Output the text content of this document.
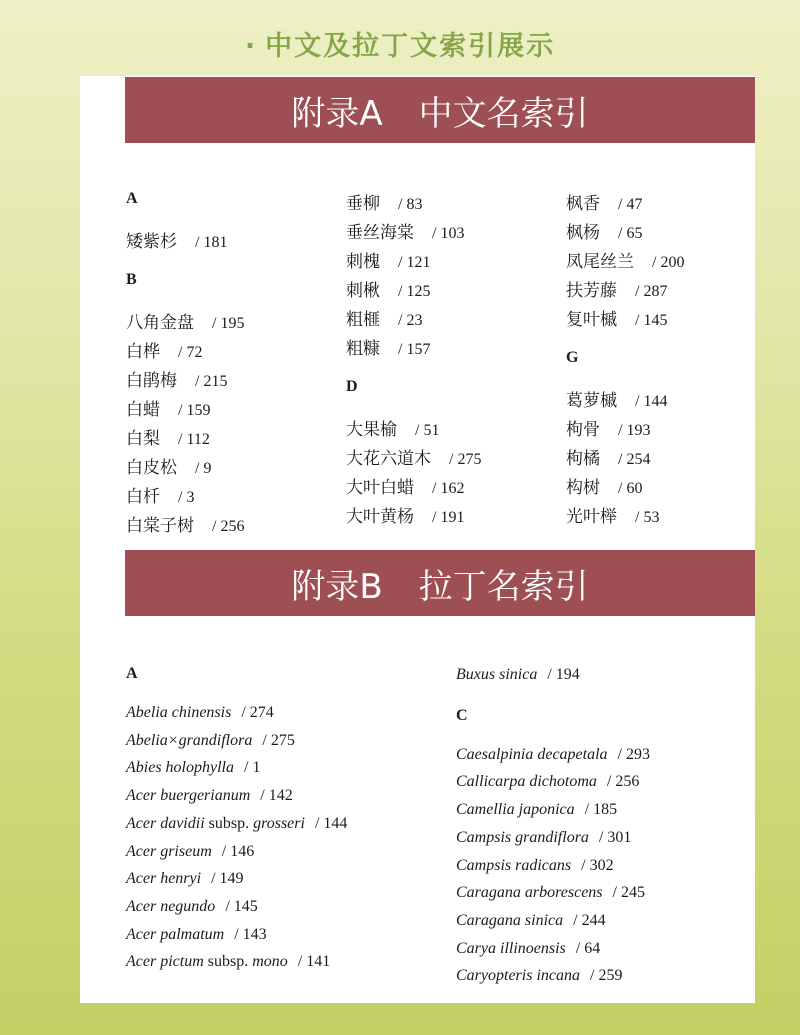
· 中文及拉丁文索引展示
附录A 中文名索引
A
矮紫杉   / 181
B
八角金盘   / 195
白桦   / 72
白鹃梅   / 215
白蜡   / 159
白梨   / 112
白皮松   / 9
白杄   / 3
白棠子树   / 256
垂柳   / 83
垂丝海棠   / 103
刺槐   / 121
刺楸   / 125
粗榧   / 23
粗糠   / 157
D
大果榆   / 51
大花六道木   / 275
大叶白蜡   / 162
大叶黄杨   / 191
枫香   / 47
枫杨   / 65
凤尾丝兰   / 200
扶芳藤   / 287
复叶槭   / 145
G
葛萝槭   / 144
枸骨   / 193
枸橘   / 254
构树   / 60
光叶榉   / 53
附录B 拉丁名索引
A
Abelia chinensis / 274
Abelia×grandiflora / 275
Abies holophylla / 1
Acer buergerianum / 142
Acer davidii subsp. grosseri / 144
Acer griseum / 146
Acer henryi / 149
Acer negundo / 145
Acer palmatum / 143
Acer pictum subsp. mono / 141
Buxus sinica / 194
C
Caesalpinia decapetala / 293
Callicarpa dichotoma / 256
Camellia japonica / 185
Campsis grandiflora / 301
Campsis radicans / 302
Caragana arborescens / 245
Caragana sinica / 244
Carya illinoensis / 64
Caryopteris incana / 259
